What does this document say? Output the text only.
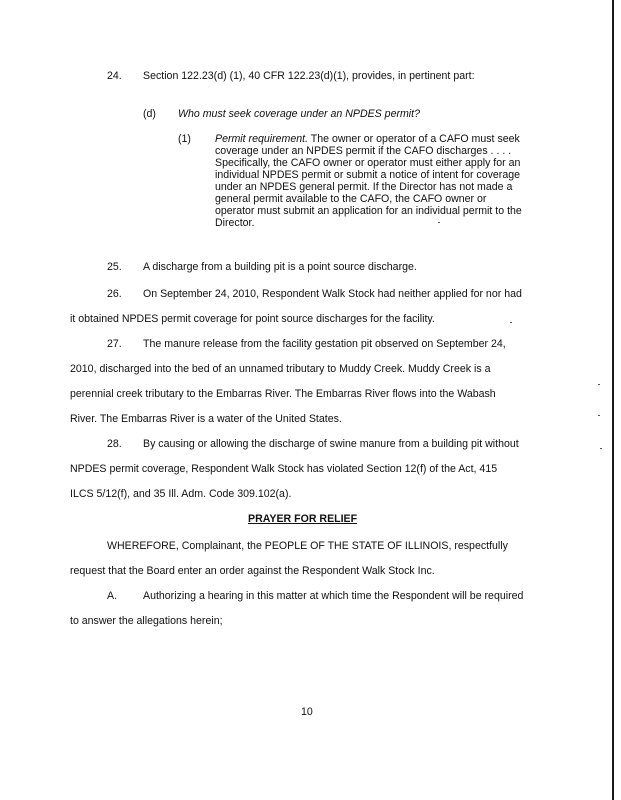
24. Section 122.23(d) (1), 40 CFR 122.23(d)(1), provides, in pertinent part:
(d) Who must seek coverage under an NPDES permit?
(1) Permit requirement. The owner or operator of a CAFO must seek
coverage under an NPDES permit if the CAFO discharges . . . .
Specifically, the CAFO owner or operator must either apply for an
individual NPDES permit or submit a notice of intent for coverage
under an NPDES general permit. If the Director has not made a
general permit available to the CAFO, the CAFO owner or
operator must submit an application for an individual permit to the
Director.
25. A discharge from a building pit is a point source discharge.
26. On September 24, 2010, Respondent Walk Stock had neither applied for nor had
it obtained NPDES permit coverage for point source discharges for the facility.
27. The manure release from the facility gestation pit observed on September 24,
2010, discharged into the bed of an unnamed tributary to Muddy Creek. Muddy Creek is a
perennial creek tributary to the Embarras River. The Embarras River flows into the Wabash
River. The Embarras River is a water of the United States.
28. By causing or allowing the discharge of swine manure from a building pit without
NPDES permit coverage, Respondent Walk Stock has violated Section 12(f) of the Act, 415
ILCS 5/12(f), and 35 Ill. Adm. Code 309.102(a).
PRAYER FOR RELIEF
WHEREFORE, Complainant, the PEOPLE OF THE STATE OF ILLINOIS, respectfully
request that the Board enter an order against the Respondent Walk Stock Inc.
A. Authorizing a hearing in this matter at which time the Respondent will be required
to answer the allegations herein;
10
